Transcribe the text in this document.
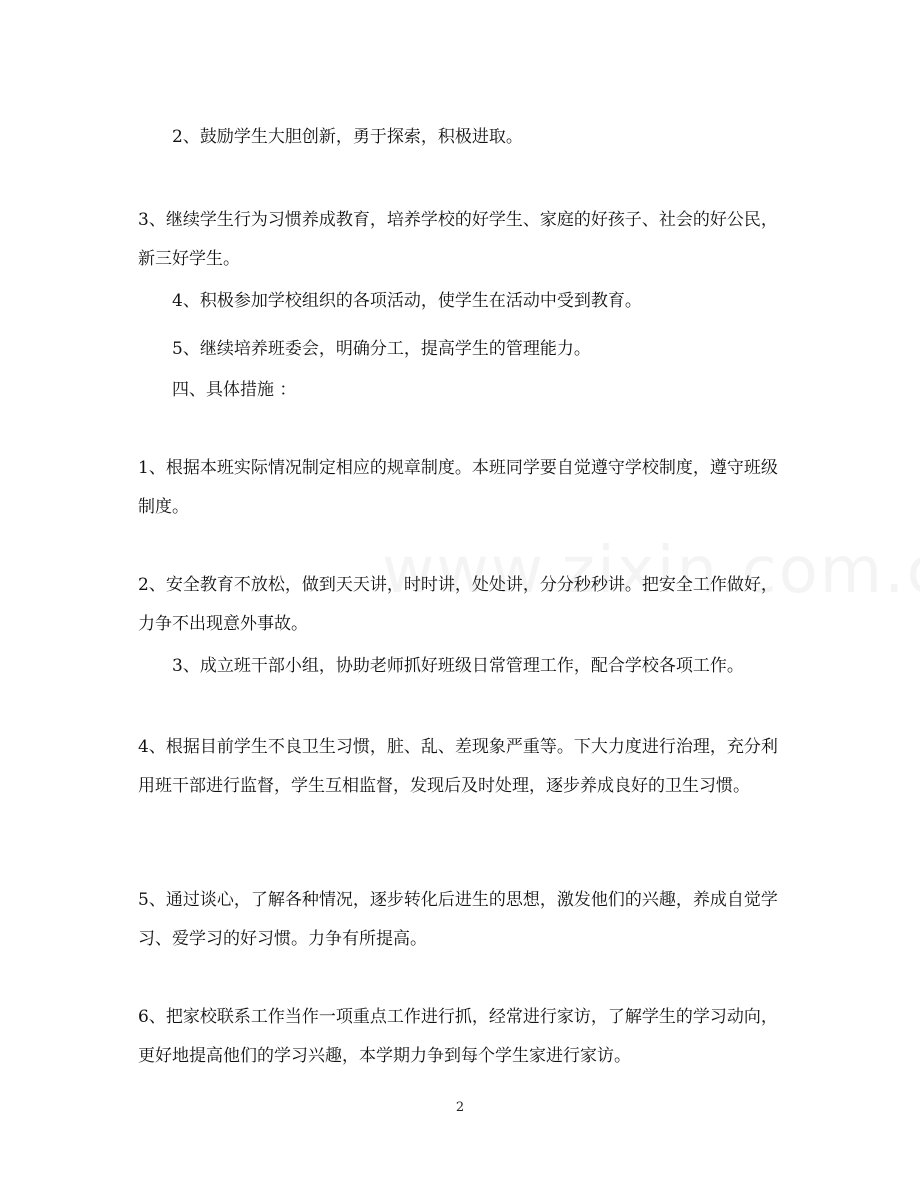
2、鼓励学生大胆创新，勇于探索，积极进取。

3、继续学生行为习惯养成教育，培养学校的好学生、家庭的好孩子、社会的好公民，新三好学生。

4、积极参加学校组织的各项活动，使学生在活动中受到教育。

5、继续培养班委会，明确分工，提高学生的管理能力。

四、具体措施 ：

1、根据本班实际情况制定相应的规章制度。本班同学要自觉遵守学校制度，遵守班级制度。

2、安全教育不放松，做到天天讲，时时讲，处处讲，分分秒秒讲。把安全工作做好，力争不出现意外事故。

3、成立班干部小组，协助老师抓好班级日常管理工作，配合学校各项工作。

4、根据目前学生不良卫生习惯，脏、乱、差现象严重等。下大力度进行治理，充分利用班干部进行监督，学生互相监督，发现后及时处理，逐步养成良好的卫生习惯。

5、通过谈心，了解各种情况，逐步转化后进生的思想，激发他们的兴趣，养成自觉学习、爱学习的好习惯。力争有所提高。

6、把家校联系工作当作一项重点工作进行抓，经常进行家访，了解学生的学习动向，更好地提高他们的学习兴趣，本学期力争到每个学生家进行家访。

2
